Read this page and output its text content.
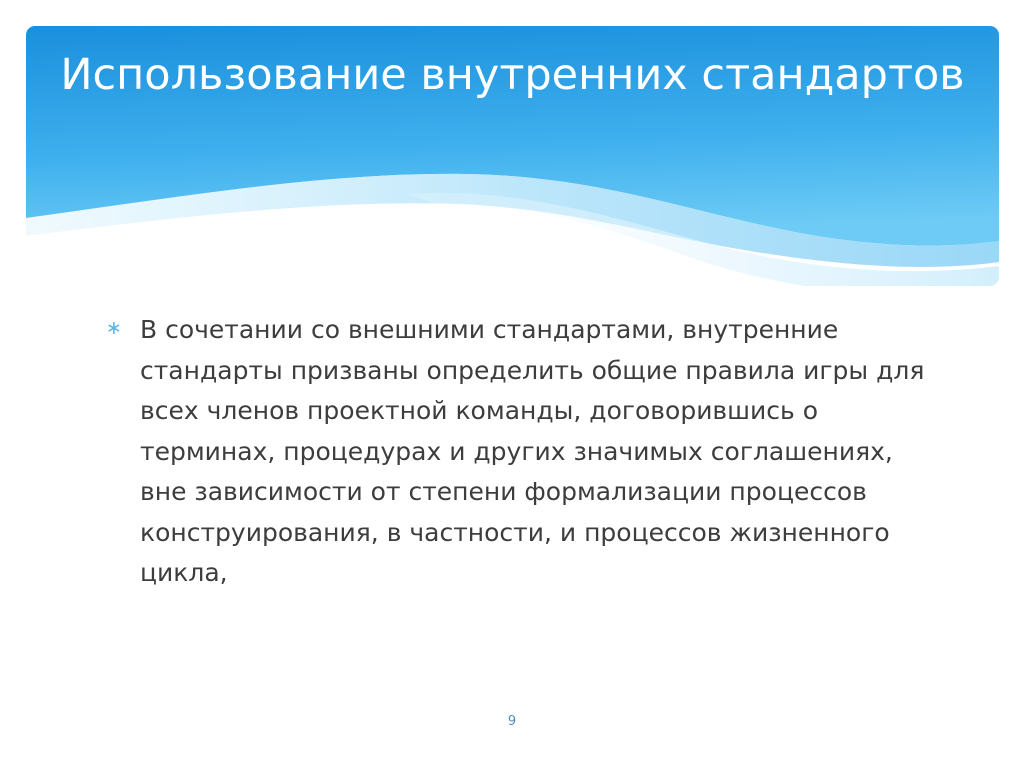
Использование внутренних стандартов
∗ В сочетании со внешними стандартами, внутренние стандарты призваны определить общие правила игры для всех членов проектной команды, договорившись о терминах, процедурах и других значимых соглашениях, вне зависимости от степени формализации процессов конструирования, в частности, и процессов жизненного цикла,

9
